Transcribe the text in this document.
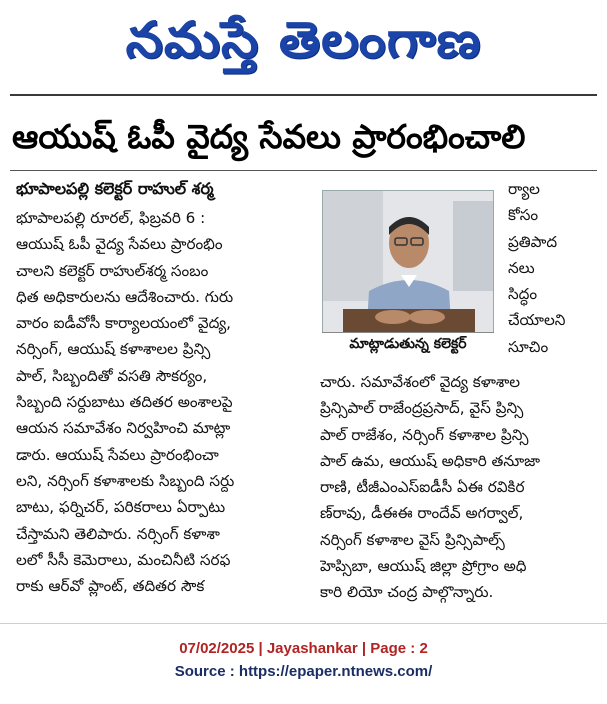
నమస్తే తెలంగాణ
ఆయుష్ ఓపీ వైద్య సేవలు ప్రారంభించాలి
భూపాలపల్లి కలెక్టర్ రాహుల్ శర్మ
భూపాలపల్లి రూరల్, ఫిబ్రవరి 6 :
ఆయుష్ ఓపీ వైద్య సేవలు ప్రారంభిం
చాలని కలెక్టర్ రాహుల్‌శర్మ సంబం
ధిత అధికారులను ఆదేశించారు. గురు
వారం ఐడీవోసీ కార్యాలయంలో వైద్య,
నర్సింగ్, ఆయుష్ కళాశాలల ప్రిన్సి
పాల్, సిబ్బందితో వసతి సౌకర్యం,
సిబ్బంది సర్దుబాటు తదితర అంశాలపై
ఆయన సమావేశం నిర్వహించి మాట్లా
డారు. ఆయుష్ సేవలు ప్రారంభించా
లని, నర్సింగ్ కళాశాలకు సిబ్బంది సర్దు
బాటు, ఫర్నిచర్, పరికరాలు ఏర్పాటు
చేస్తామని తెలిపారు. నర్సింగ్ కళాశా
లలో సీసీ కెమెరాలు, మంచినీటి సరఫ
రాకు ఆర్‌వో ప్లాంట్, తదితర సౌక
మాట్లాడుతున్న కలెక్టర్
ర్యాల
కోసం
ప్రతిపాద
నలు
సిద్ధం
చేయాలని
సూచిం
చారు. సమావేశంలో వైద్య కళాశాల
ప్రిన్సిపాల్ రాజేంద్రప్రసాద్, వైస్ ప్రిన్సి
పాల్ రాజేశం, నర్సింగ్ కళాశాల ప్రిన్సి
పాల్ ఉమ, ఆయుష్ అధికారి తనూజా
రాణి, టీజీఎంఎస్ఐడీసీ ఏఈ రవికిర
ణ్‌రావు, డీఈఈ రాందేవ్ అగర్వాల్,
నర్సింగ్ కళాశాల వైస్ ప్రిన్సిపాల్స్
హెప్సిబా, ఆయుష్ జిల్లా ప్రోగ్రాం అధి
కారి లియో చంద్ర పాల్గొన్నారు.
07/02/2025 | Jayashankar | Page : 2
Source : https://epaper.ntnews.com/
